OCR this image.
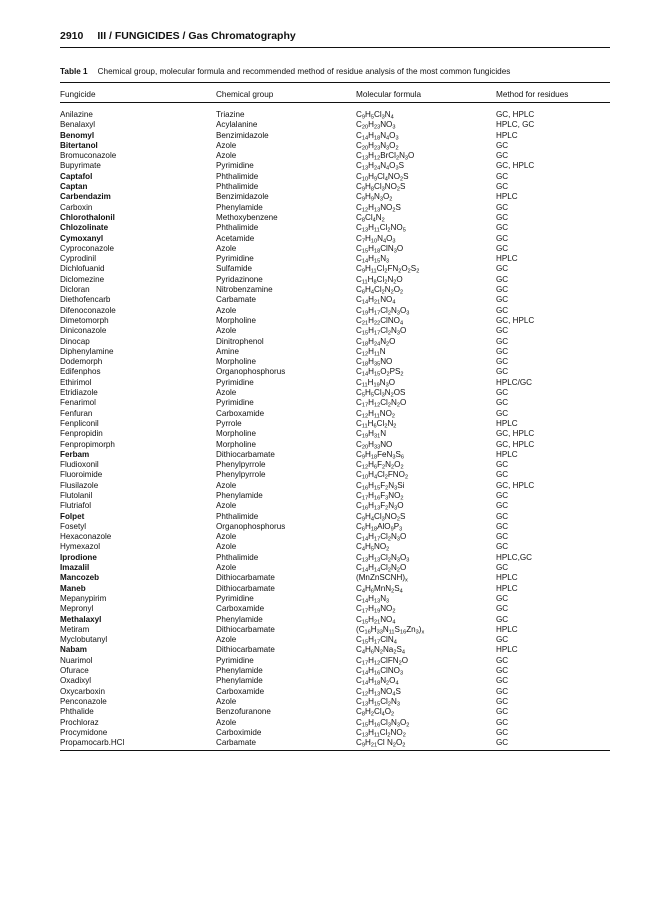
2910 III / FUNGICIDES / Gas Chromatography
Table 1 Chemical group, molecular formula and recommended method of residue analysis of the most common fungicides
Fungicide	Chemical group	Molecular formula	Method for residues
Anilazine	Triazine	$C_9H_5Cl_3N_4$	GC, HPLC
Benalaxyl	Acylalanine	$C_{20}H_{23}NO_3$	HPLC, GC
Benomyl	Benzimidazole	$C_{14}H_{18}N_4O_3$	HPLC
Bitertanol	Azole	$C_{20}H_{23}N_3O_2$	GC
Bromuconazole	Azole	$C_{13}H_{12}BrCl_2N_3O$	GC
Bupyrimate	Pyrimidine	$C_{13}H_{24}N_4O_3S$	GC, HPLC
Captafol	Phthalimide	$C_{10}H_9Cl_4NO_2S$	GC
Captan	Phthalimide	$C_9H_8Cl_3NO_2S$	GC
Carbendazim	Benzimidazole	$C_9H_9N_3O_2$	HPLC
Carboxin	Phenylamide	$C_{12}H_{13}NO_2S$	GC
Chlorothalonil	Methoxybenzene	$C_8Cl_4N_2$	GC
Chlozolinate	Phthalimide	$C_{13}H_{11}Cl_2NO_5$	GC
Cymoxanyl	Acetamide	$C_7H_{10}N_4O_3$	GC
Cyproconazole	Azole	$C_{15}H_{18}ClN_3O$	GC
Cyprodinil	Pyrimidine	$C_{14}H_{15}N_3$	HPLC
Dichlofuanid	Sulfamide	$C_9H_{11}Cl_2FN_2O_2S_2$	GC
Diclomezine	Pyridazinone	$C_{11}H_8Cl_2N_2O$	GC
Dicloran	Nitrobenzamine	$C_6H_4Cl_2N_2O_2$	GC
Diethofencarb	Carbamate	$C_{14}H_{21}NO_4$	GC
Difenoconazole	Azole	$C_{19}H_{17}Cl_2N_3O_3$	GC
Dimetomorph	Morpholine	$C_{21}H_{22}ClNO_4$	GC, HPLC
Diniconazole	Azole	$C_{15}H_{17}Cl_2N_3O$	GC
Dinocap	Dinitrophenol	$C_{18}H_{24}N_2O$	GC
Diphenylamine	Amine	$C_{12}H_{11}N$	GC
Dodemorph	Morpholine	$C_{18}H_{35}NO$	GC
Edifenphos	Organophosphorus	$C_{14}H_{15}O_2PS_2$	GC
Ethirimol	Pyrimidine	$C_{11}H_{19}N_3O$	HPLC/GC
Etridiazole	Azole	$C_5H_5Cl_3N_2OS$	GC
Fenarimol	Pyrimidine	$C_{17}H_{12}Cl_2N_2O$	GC
Fenfuran	Carboxamide	$C_{12}H_{11}NO_2$	GC
Fenpliconil	Pyrrole	$C_{11}H_6Cl_2N_2$	HPLC
Fenpropidin	Morpholine	$C_{19}H_{31}N$	GC, HPLC
Fenpropimorph	Morpholine	$C_{20}H_{33}NO$	GC, HPLC
Ferbam	Dithiocarbamate	$C_9H_{18}FeN_3S_6$	HPLC
Fludioxonil	Phenylpyrrole	$C_{12}H_6F_2N_2O_2$	GC
Fluoroimide	Phenylpyrrole	$C_{10}H_4Cl_2FNO_2$	GC
Flusilazole	Azole	$C_{16}H_{15}F_2N_3Si$	GC, HPLC
Flutolanil	Phenylamide	$C_{17}H_{16}F_3NO_2$	GC
Flutriafol	Azole	$C_{16}H_{13}F_2N_3O$	GC
Folpet	Phthalimide	$C_9H_4Cl_3NO_2S$	GC
Fosetyl	Organophosphorus	$C_6H_{18}AlO_9P_3$	GC
Hexaconazole	Azole	$C_{14}H_{17}Cl_2N_3O$	GC
Hymexazol	Azole	$C_4H_5NO_2$	GC
Iprodione	Phthalimide	$C_{13}H_{13}Cl_2N_3O_3$	HPLC,GC
Imazalil	Azole	$C_{14}H_{14}Cl_2N_2O$	GC
Mancozeb	Dithiocarbamate	$(MnZnSCNH)_x$	HPLC
Maneb	Dithiocarbamate	$C_4H_6MnN_2S_4$	HPLC
Mepanypirim	Pyrimidine	$C_{14}H_{13}N_3$	GC
Mepronyl	Carboxamide	$C_{17}H_{19}NO_2$	GC
Methalaxyl	Phenylamide	$C_{15}H_{21}NO_4$	GC
Metiram	Dithiocarbamate	$(C_{16}H_{33}N_{11}S_{16}Zn_3)_x$	HPLC
Myclobutanyl	Azole	$C_{15}H_{17}ClN_4$	GC
Nabam	Dithiocarbamate	$C_4H_6N_2Na_2S_4$	HPLC
Nuarimol	Pyrimidine	$C_{17}H_{12}ClFN_2O$	GC
Ofurace	Phenylamide	$C_{14}H_{16}ClNO_3$	GC
Oxadixyl	Phenylamide	$C_{14}H_{18}N_2O_4$	GC
Oxycarboxin	Carboxamide	$C_{12}H_{13}NO_4S$	GC
Penconazole	Azole	$C_{13}H_{15}Cl_2N_3$	GC
Phthalide	Benzofuranone	$C_8H_2Cl_4O_2$	GC
Prochloraz	Azole	$C_{15}H_{16}Cl_3N_3O_2$	GC
Procymidone	Carboximide	$C_{13}H_{11}Cl_2NO_2$	GC
Propamocarb.HCl	Carbamate	$C_9H_{21}Cl$ $N_2O_2$	GC
